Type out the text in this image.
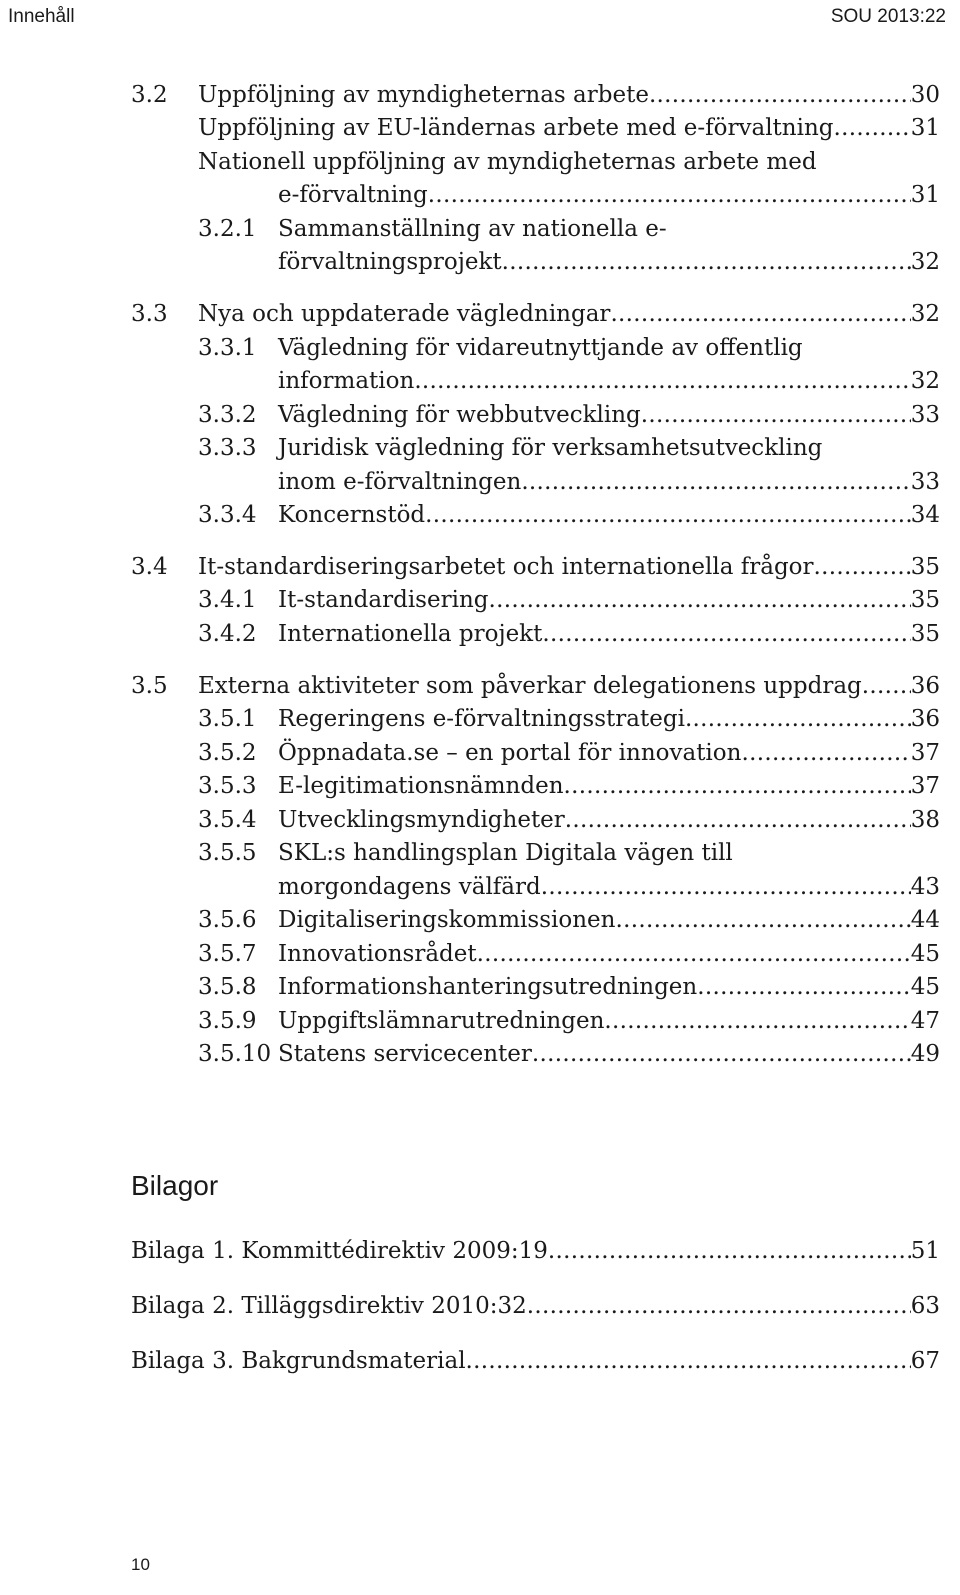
Innehåll	SOU 2013:22
3.2 Uppföljning av myndigheternas arbete . . .	30
Uppföljning av EU-ländernas arbete med e-förvaltning . . .	31
Nationell uppföljning av myndigheternas arbete med
e-förvaltning . . .	31
3.2.1 Sammanställning av nationella e-
förvaltningsprojekt . . .	32
3.3 Nya och uppdaterade vägledningar . . .	32
3.3.1 Vägledning för vidareutnyttjande av offentlig
information . . .	32
3.3.2 Vägledning för webbutveckling . . .	33
3.3.3 Juridisk vägledning för verksamhetsutveckling
inom e-förvaltningen . . .	33
3.3.4 Koncernstöd . . .	34
3.4 It-standardiseringsarbetet och internationella frågor . . .	35
3.4.1 It-standardisering . . .	35
3.4.2 Internationella projekt . . .	35
3.5 Externa aktiviteter som påverkar delegationens uppdrag . . . 36
3.5.1 Regeringens e-förvaltningsstrategi . . .	36
3.5.2 Öppnadata.se – en portal för innovation . . .	37
3.5.3 E-legitimationsnämnden . . .	37
3.5.4 Utvecklingsmyndigheter . . .	38
3.5.5 SKL:s handlingsplan Digitala vägen till
morgondagens välfärd . . .	43
3.5.6 Digitaliseringskommissionen . . .	44
3.5.7 Innovationsrådet . . .	45
3.5.8 Informationshanteringsutredningen . . .	45
3.5.9 Uppgiftslämnarutredningen . . .	47
3.5.10 Statens servicecenter . . .	49
Bilagor
Bilaga 1. Kommittédirektiv 2009:19 . . .	51
Bilaga 2. Tilläggsdirektiv 2010:32 . . .	63
Bilaga 3. Bakgrundsmaterial . . .	67
10
